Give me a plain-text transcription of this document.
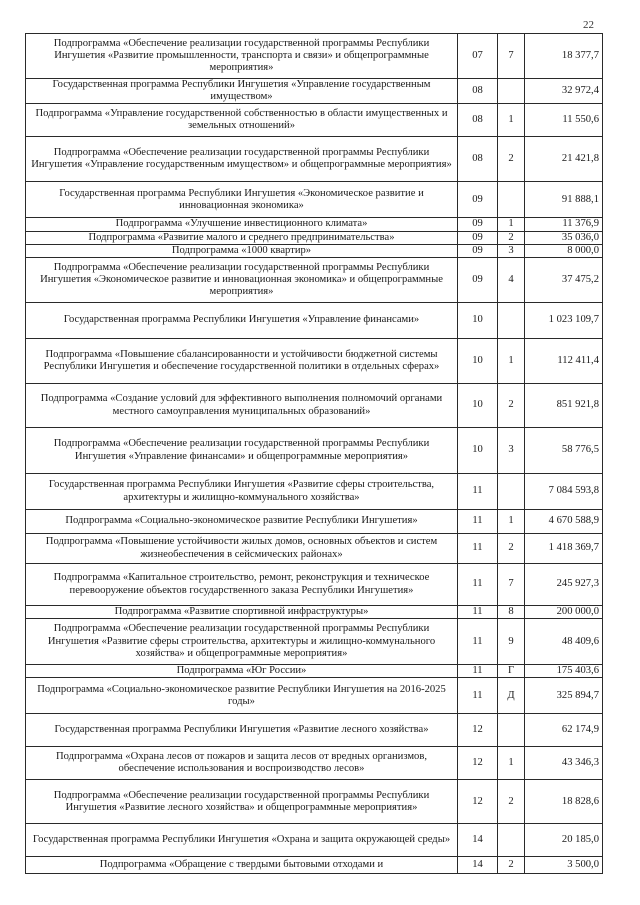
22
Подпрограмма «Обеспечение реализации государственной программы Республики Ингушетия «Развитие промышленности, транспорта и связи» и общепрограммные мероприятия»	07	7	18 377,7
Государственная программа Республики Ингушетия «Управление государственным имуществом»	08		32 972,4
Подпрограмма «Управление государственной собственностью в области имущественных и земельных отношений»	08	1	11 550,6
Подпрограмма «Обеспечение реализации государственной программы Республики Ингушетия «Управление государственным имуществом» и общепрограммные мероприятия»	08	2	21 421,8
Государственная программа Республики Ингушетия «Экономическое развитие и инновационная экономика»	09		91 888,1
Подпрограмма «Улучшение инвестиционного климата»	09	1	11 376,9
Подпрограмма «Развитие малого и среднего предпринимательства»	09	2	35 036,0
Подпрограмма «1000 квартир»	09	3	8 000,0
Подпрограмма «Обеспечение реализации государственной программы Республики Ингушетия «Экономическое развитие и инновационная экономика» и общепрограммные мероприятия»	09	4	37 475,2
Государственная программа Республики Ингушетия «Управление финансами»	10		1 023 109,7
Подпрограмма «Повышение сбалансированности и устойчивости бюджетной системы Республики Ингушетия и обеспечение государственной политики в отдельных сферах»	10	1	112 411,4
Подпрограмма «Создание условий для эффективного выполнения полномочий органами местного самоуправления муниципальных образований»	10	2	851 921,8
Подпрограмма «Обеспечение реализации государственной программы Республики Ингушетия «Управление финансами» и общепрограммные мероприятия»	10	3	58 776,5
Государственная программа Республики Ингушетия «Развитие сферы строительства, архитектуры и жилищно-коммунального хозяйства»	11		7 084 593,8
Подпрограмма «Социально-экономическое развитие Республики Ингушетия»	11	1	4 670 588,9
Подпрограмма «Повышение устойчивости жилых домов, основных объектов и систем жизнеобеспечения в сейсмических районах»	11	2	1 418 369,7
Подпрограмма «Капитальное строительство, ремонт, реконструкция и техническое перевооружение объектов государственного заказа Республики Ингушетия»	11	7	245 927,3
Подпрограмма «Развитие спортивной инфраструктуры»	11	8	200 000,0
Подпрограмма «Обеспечение реализации государственной программы Республики Ингушетия «Развитие сферы строительства, архитектуры и жилищно-коммунального хозяйства» и общепрограммные мероприятия»	11	9	48 409,6
Подпрограмма «Юг России»	11	Г	175 403,6
Подпрограмма «Социально-экономическое развитие Республики Ингушетия на 2016-2025 годы»	11	Д	325 894,7
Государственная программа Республики Ингушетия «Развитие лесного хозяйства»	12		62 174,9
Подпрограмма «Охрана лесов от пожаров и защита лесов от вредных организмов, обеспечение использования и воспроизводство лесов»	12	1	43 346,3
Подпрограмма «Обеспечение реализации государственной программы Республики Ингушетия «Развитие лесного хозяйства» и общепрограммные мероприятия»	12	2	18 828,6
Государственная программа Республики Ингушетия «Охрана и защита окружающей среды»	14		20 185,0
Подпрограмма «Обращение с твердыми бытовыми отходами и	14	2	3 500,0
